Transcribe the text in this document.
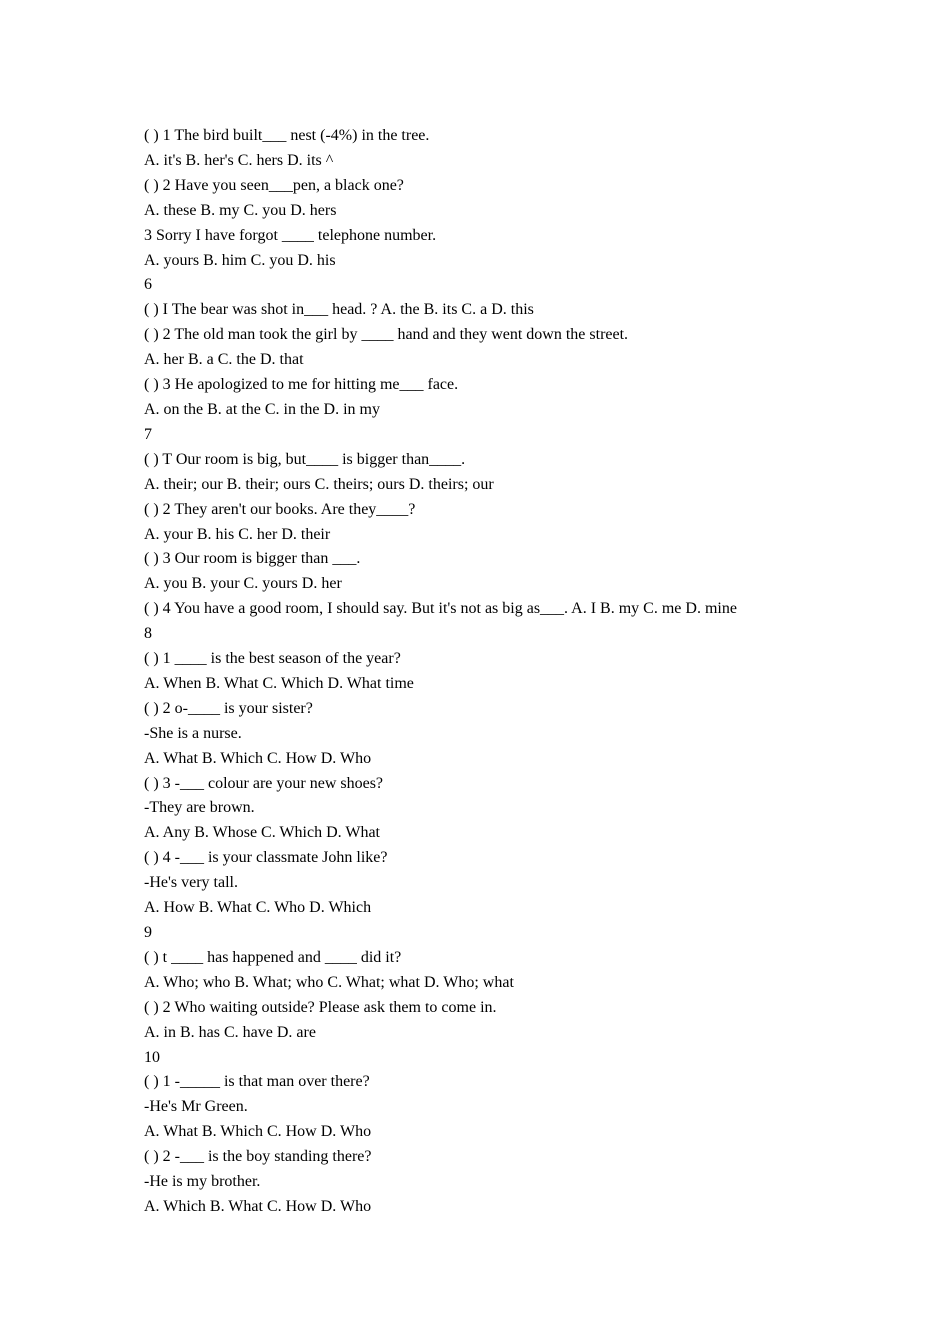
( ) 1 The bird built___ nest (-4%) in the tree.

A. it's B. her's C. hers D. its ^

( ) 2 Have you seen___pen, a black one?

A. these B. my C. you D. hers

3 Sorry I have forgot ____ telephone number.

A. yours B. him C. you D. his

6

( ) I The bear was shot in___ head. ? A. the B. its C. a D. this

( ) 2 The old man took the girl by ____ hand and they went down the street.

A. her B. a C. the D. that

( ) 3 He apologized to me for hitting me___ face.

A. on the B. at the C. in the D. in my

7

( ) T Our room is big, but____ is bigger than____.

A. their; our B. their; ours C. theirs; ours D. theirs; our

( ) 2 They aren't our books. Are they____?

A. your B. his C. her D. their

( ) 3 Our room is bigger than ___.

A. you B. your C. yours D. her

( ) 4 You have a good room, I should say. But it's not as big as___. A. I B. my C. me D. mine

8

( ) 1 ____ is the best season of the year?

A. When B. What C. Which D. What time

( ) 2 o-____ is your sister?

-She is a nurse.

A. What B. Which C. How D. Who

( ) 3 -___ colour are your new shoes?

-They are brown.

A. Any B. Whose C. Which D. What

( ) 4 -___ is your classmate John like?

-He's very tall.

A. How B. What C. Who D. Which

9

( ) t ____ has happened and ____ did it?

A. Who; who B. What; who C. What; what D. Who; what

( ) 2 Who waiting outside? Please ask them to come in.

A. in B. has C. have D. are

10

( ) 1 -_____ is that man over there?

-He's Mr Green.

A. What B. Which C. How D. Who

( ) 2 -___ is the boy standing there?

-He is my brother.

A. Which B. What C. How D. Who
